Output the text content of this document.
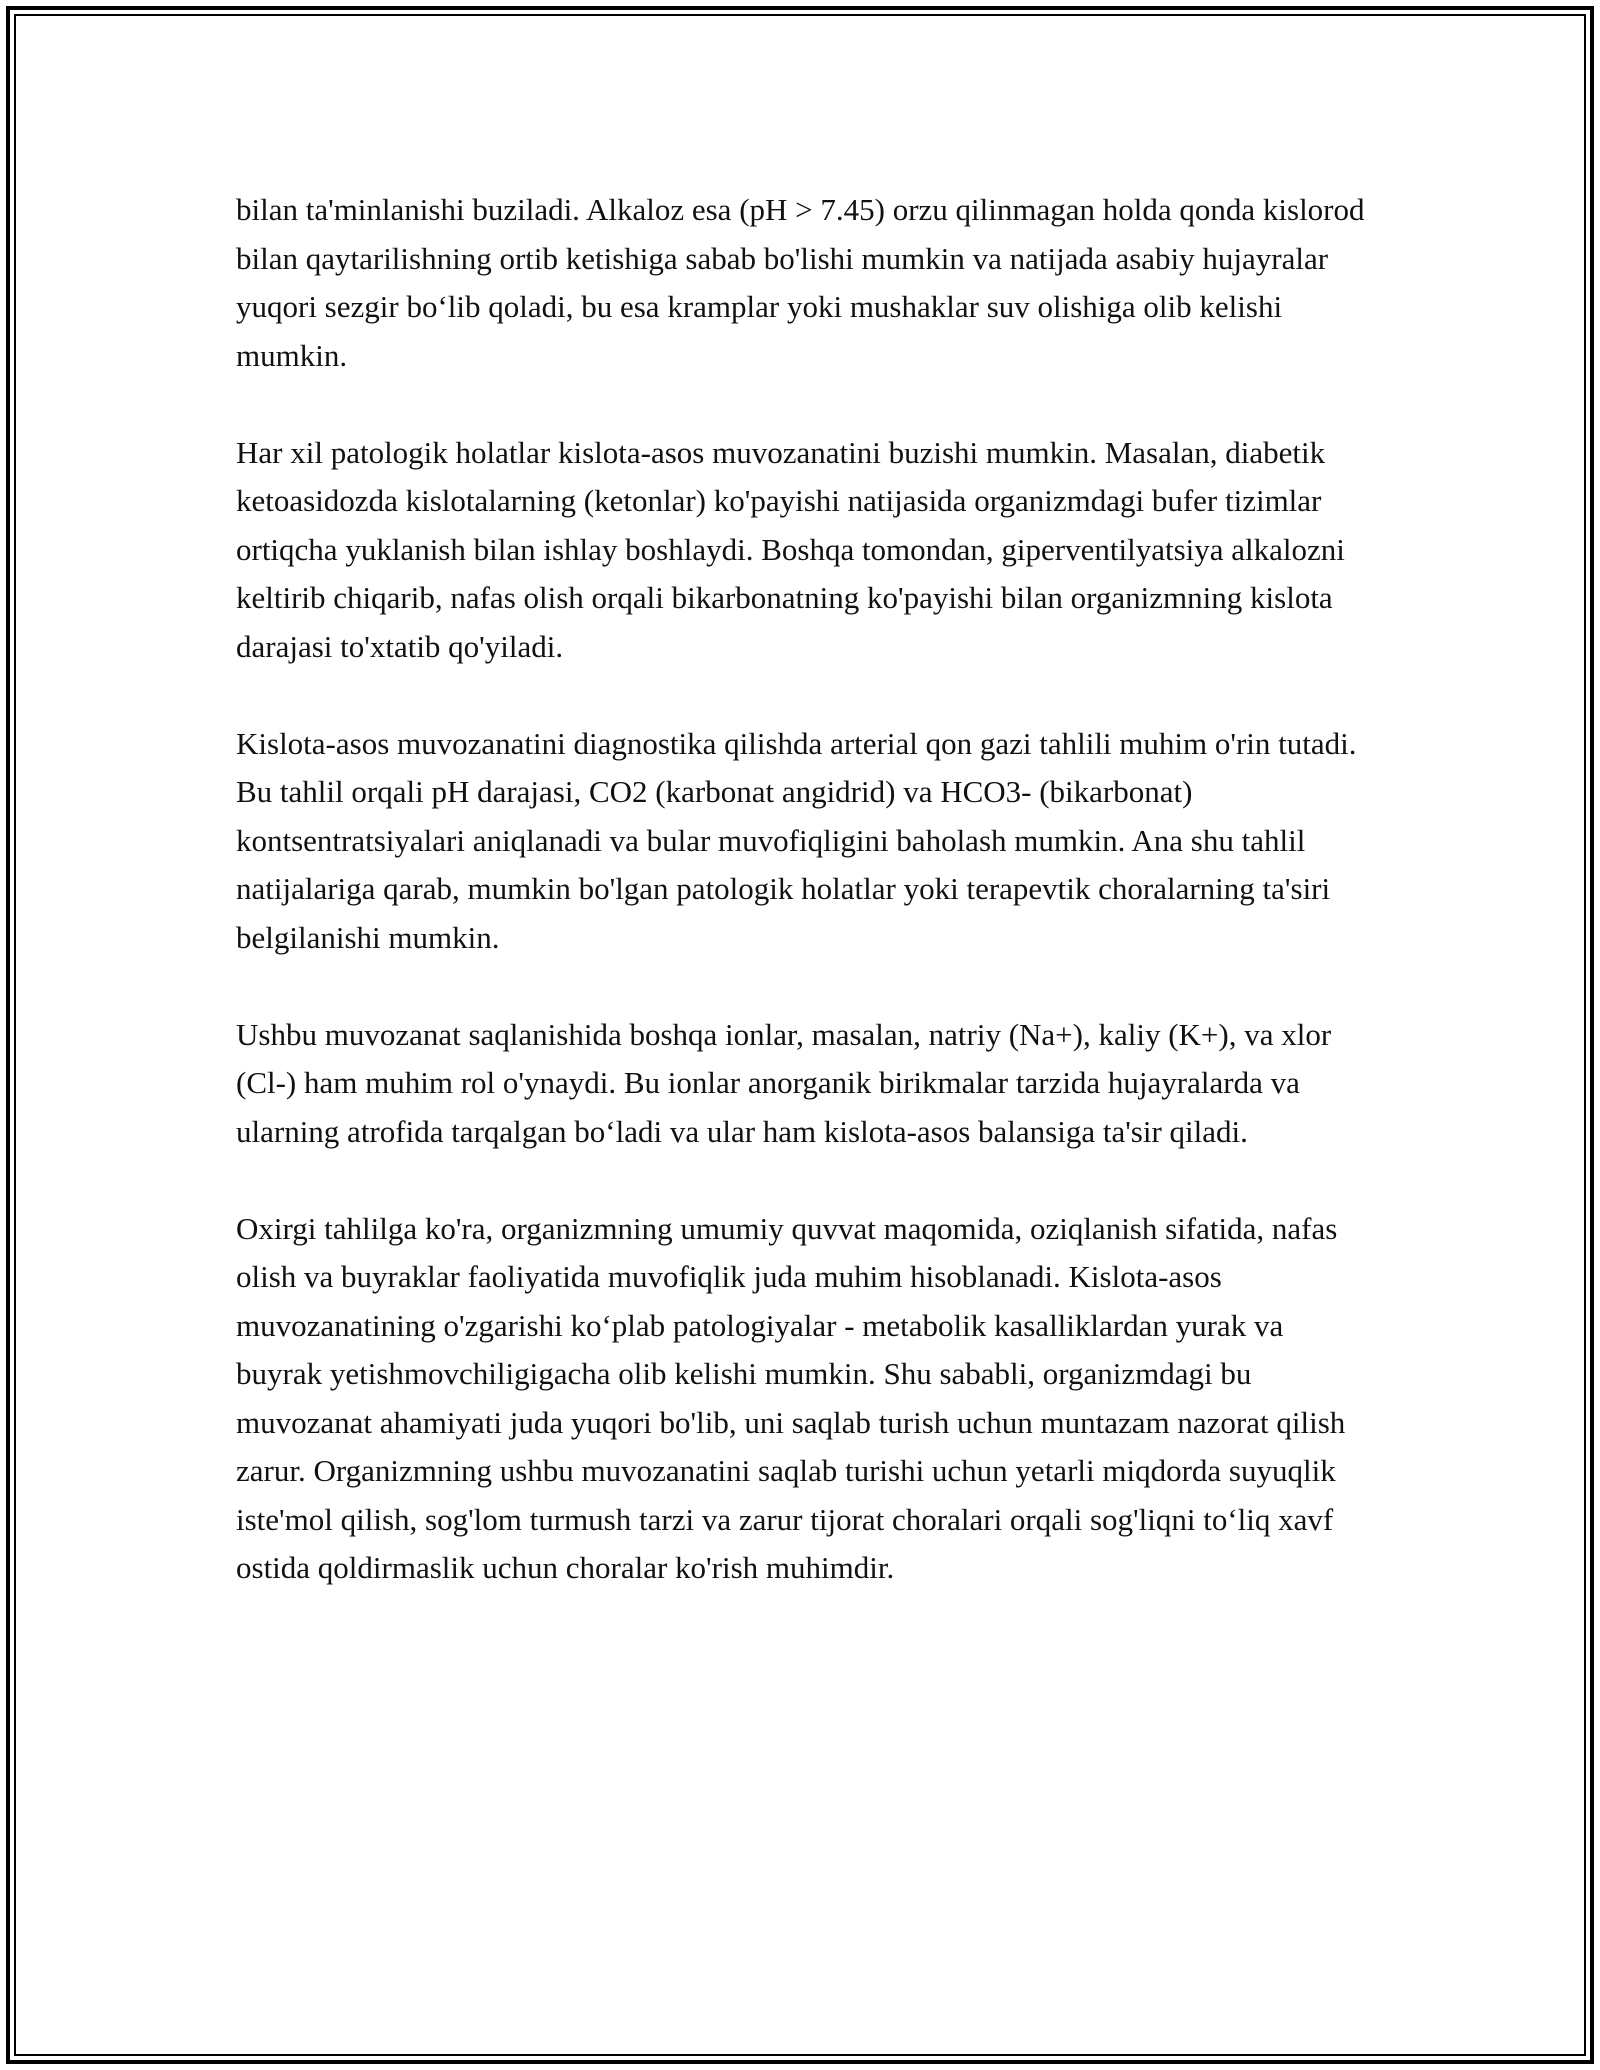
bilan ta'minlanishi buziladi. Alkaloz esa (pH > 7.45) orzu qilinmagan holda qonda kislorod bilan qaytarilishning ortib ketishiga sabab bo'lishi mumkin va natijada asabiy hujayralar yuqori sezgir bo‘lib qoladi, bu esa kramplar yoki mushaklar suv olishiga olib kelishi mumkin.

Har xil patologik holatlar kislota-asos muvozanatini buzishi mumkin. Masalan, diabetik ketoasidozda kislotalarning (ketonlar) ko'payishi natijasida organizmdagi bufer tizimlar ortiqcha yuklanish bilan ishlay boshlaydi. Boshqa tomondan, giperventilyatsiya alkalozni keltirib chiqarib, nafas olish orqali bikarbonatning ko'payishi bilan organizmning kislota darajasi to'xtatib qo'yiladi.

Kislota-asos muvozanatini diagnostika qilishda arterial qon gazi tahlili muhim o'rin tutadi. Bu tahlil orqali pH darajasi, CO2 (karbonat angidrid) va HCO3- (bikarbonat) kontsentratsiyalari aniqlanadi va bular muvofiqligini baholash mumkin. Ana shu tahlil natijalariga qarab, mumkin bo'lgan patologik holatlar yoki terapevtik choralarning ta'siri belgilanishi mumkin.

Ushbu muvozanat saqlanishida boshqa ionlar, masalan, natriy (Na+), kaliy (K+), va xlor (Cl-) ham muhim rol o'ynaydi. Bu ionlar anorganik birikmalar tarzida hujayralarda va ularning atrofida tarqalgan bo‘ladi va ular ham kislota-asos balansiga ta'sir qiladi.

Oxirgi tahlilga ko'ra, organizmning umumiy quvvat maqomida, oziqlanish sifatida, nafas olish va buyraklar faoliyatida muvofiqlik juda muhim hisoblanadi. Kislota-asos muvozanatining o'zgarishi ko‘plab patologiyalar - metabolik kasalliklardan yurak va buyrak yetishmovchiligigacha olib kelishi mumkin. Shu sababli, organizmdagi bu muvozanat ahamiyati juda yuqori bo'lib, uni saqlab turish uchun muntazam nazorat qilish zarur. Organizmning ushbu muvozanatini saqlab turishi uchun yetarli miqdorda suyuqlik iste'mol qilish, sog'lom turmush tarzi va zarur tijorat choralari orqali sog'liqni to‘liq xavf ostida qoldirmaslik uchun choralar ko'rish muhimdir.
